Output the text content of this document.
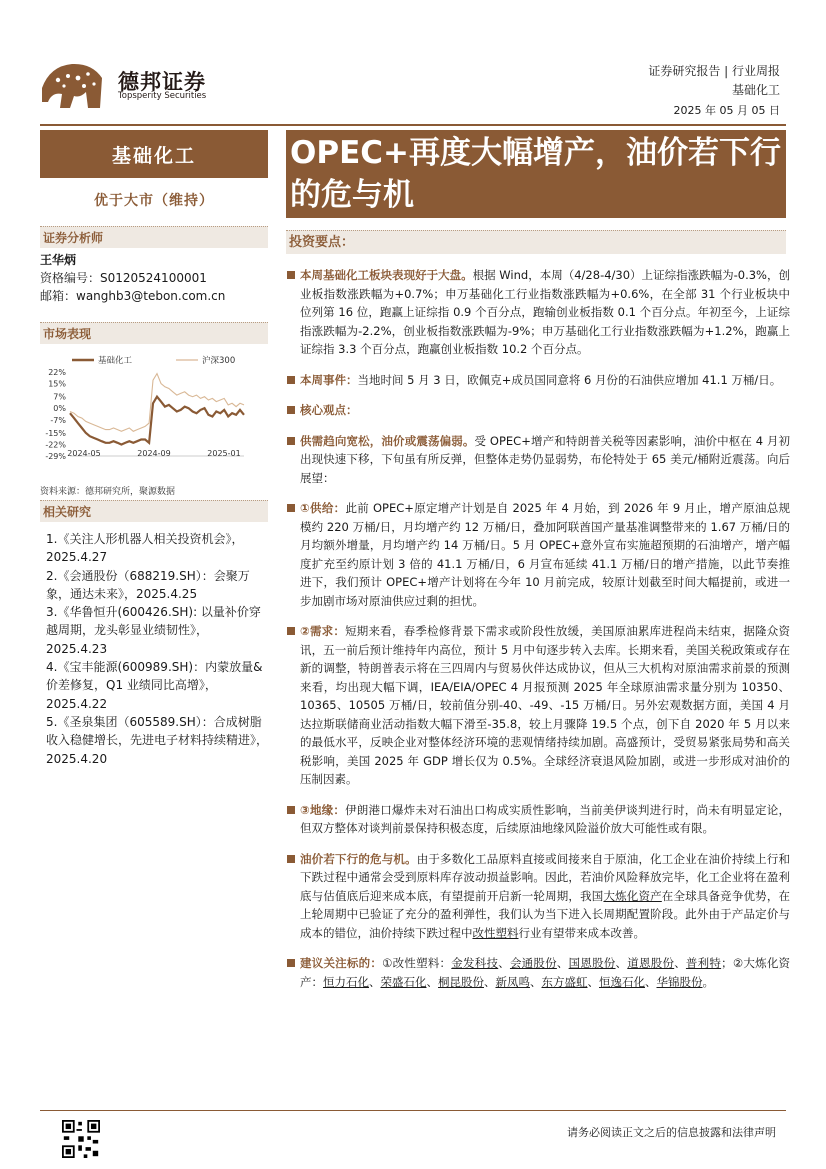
德邦证券
Topsperity Securities
证券研究报告 | 行业周报
基础化工
2025 年 05 月 05 日
基础化工
优于大市（维持）
证券分析师
王华炳
资格编号：S0120524100001
邮箱：wanghb3@tebon.com.cn
市场表现
基础化工	沪深300
22%
15%
7%
0%
-7%
-15%
-22%
-29% 2024-05	2024-09	2025-01
资料来源：德邦研究所，聚源数据
相关研究
1.《关注人形机器人相关投资机会》，2025.4.27
2.《会通股份（688219.SH）：会聚万象，通达未来》，2025.4.25
3.《华鲁恒升(600426.SH): 以量补价穿越周期，龙头彰显业绩韧性》，2025.4.23
4.《宝丰能源(600989.SH)：内蒙放量&价差修复，Q1 业绩同比高增》，2025.4.22
5.《圣泉集团（605589.SH）：合成树脂收入稳健增长，先进电子材料持续精进》，2025.4.20
OPEC+再度大幅增产，油价若下行的危与机
投资要点：
本周基础化工板块表现好于大盘。根据 Wind，本周（4/28-4/30）上证综指涨跌幅为-0.3%，创业板指数涨跌幅为+0.7%；申万基础化工行业指数涨跌幅为+0.6%，在全部 31 个行业板块中位列第 16 位，跑赢上证综指 0.9 个百分点，跑输创业板指数 0.1 个百分点。年初至今，上证综指涨跌幅为-2.2%，创业板指数涨跌幅为-9%；申万基础化工行业指数涨跌幅为+1.2%，跑赢上证综指 3.3 个百分点，跑赢创业板指数 10.2 个百分点。
本周事件：当地时间 5 月 3 日，欧佩克+成员国同意将 6 月份的石油供应增加 41.1 万桶/日。
核心观点：
供需趋向宽松，油价或震荡偏弱。受 OPEC+增产和特朗普关税等因素影响，油价中枢在 4 月初出现快速下移，下旬虽有所反弹，但整体走势仍显弱势，布伦特处于 65 美元/桶附近震荡。向后展望：
①供给：此前 OPEC+原定增产计划是自 2025 年 4 月始，到 2026 年 9 月止，增产原油总规模约 220 万桶/日，月均增产约 12 万桶/日，叠加阿联酋国产量基准调整带来的 1.67 万桶/日的月均额外增量，月均增产约 14 万桶/日。5 月 OPEC+意外宣布实施超预期的石油增产，增产幅度扩充至约原计划 3 倍的 41.1 万桶/日，6 月宣布延续 41.1 万桶/日的增产措施，以此节奏推进下，我们预计 OPEC+增产计划将在今年 10 月前完成，较原计划截至时间大幅提前，或进一步加剧市场对原油供应过剩的担忧。
②需求：短期来看，春季检修背景下需求或阶段性放缓，美国原油累库进程尚未结束，据隆众资讯，五一前后预计维持年内高位，预计 5 月中旬逐步转入去库。长期来看，美国关税政策或存在新的调整，特朗普表示将在三四周内与贸易伙伴达成协议，但从三大机构对原油需求前景的预测来看，均出现大幅下调，IEA/EIA/OPEC 4 月报预测 2025 年全球原油需求量分别为 10350、10365、10505 万桶/日，较前值分别-40、-49、-15 万桶/日。另外宏观数据方面，美国 4 月达拉斯联储商业活动指数大幅下滑至-35.8，较上月骤降 19.5 个点，创下自 2020 年 5 月以来的最低水平，反映企业对整体经济环境的悲观情绪持续加剧。高盛预计，受贸易紧张局势和高关税影响，美国 2025 年 GDP 增长仅为 0.5%。全球经济衰退风险加剧，或进一步形成对油价的压制因素。
③地缘：伊朗港口爆炸未对石油出口构成实质性影响，当前美伊谈判进行时，尚未有明显定论，但双方整体对谈判前景保持积极态度，后续原油地缘风险溢价放大可能性或有限。
油价若下行的危与机。由于多数化工品原料直接或间接来自于原油，化工企业在油价持续上行和下跌过程中通常会受到原料库存波动损益影响。因此，若油价风险释放完毕，化工企业将在盈利底与估值底后迎来成本底，有望提前开启新一轮周期，我国大炼化资产在全球具备竞争优势，在上轮周期中已验证了充分的盈利弹性，我们认为当下进入长周期配置阶段。此外由于产品定价与成本的错位，油价持续下跌过程中改性塑料行业有望带来成本改善。
建议关注标的：①改性塑料：金发科技、会通股份、国恩股份、道恩股份、普利特；②大炼化资产：恒力石化、荣盛石化、桐昆股份、新凤鸣、东方盛虹、恒逸石化、华锦股份。
请务必阅读正文之后的信息披露和法律声明
